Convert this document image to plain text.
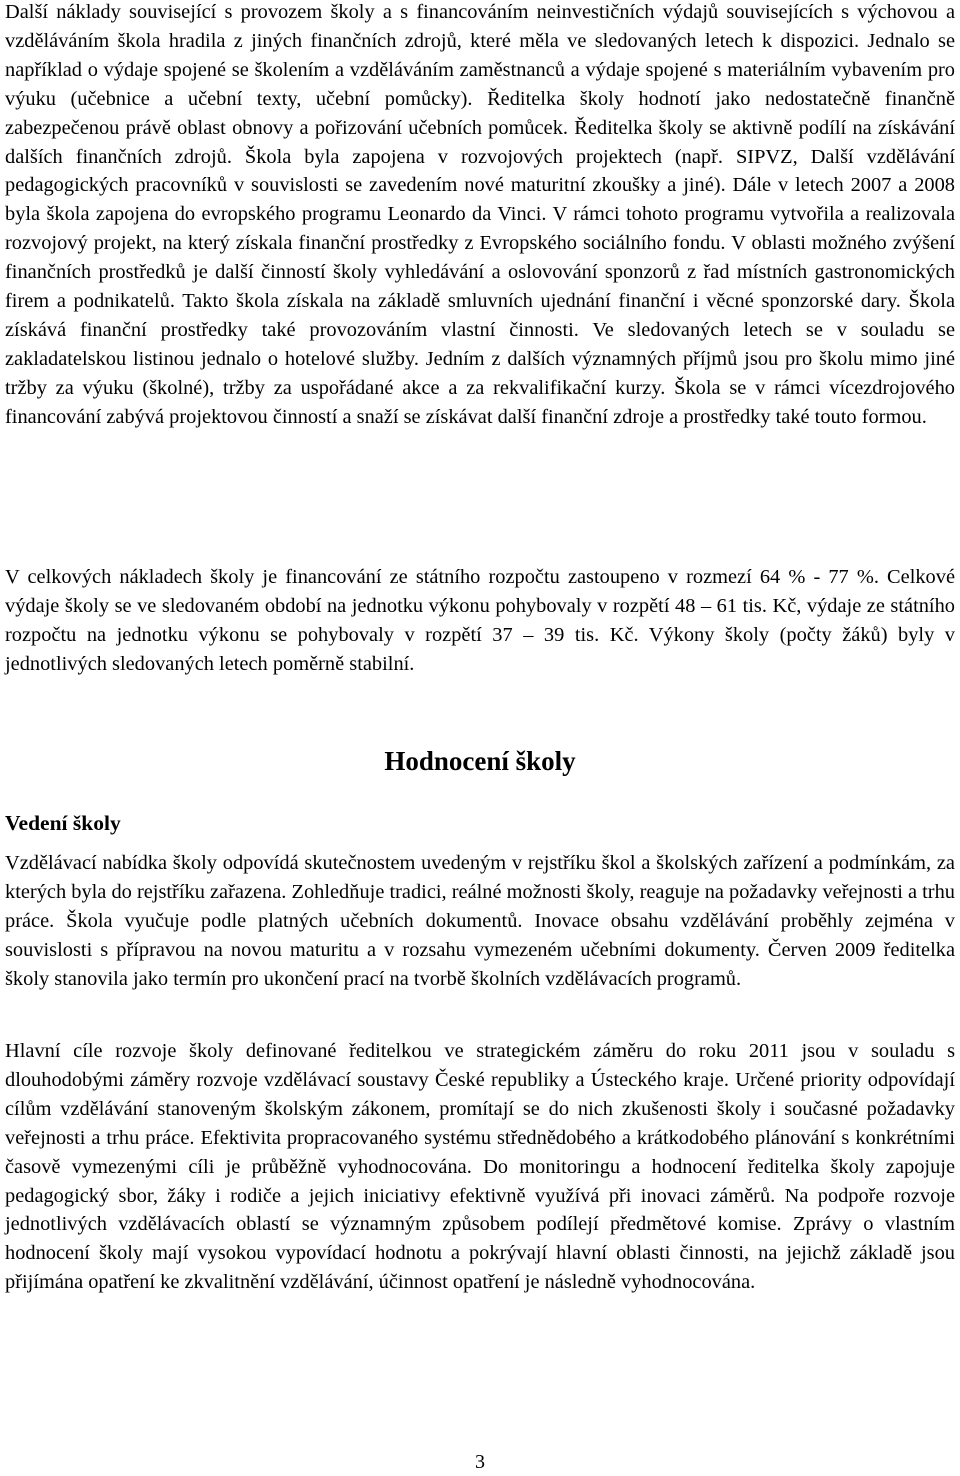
Další náklady související s provozem školy a s financováním neinvestičních výdajů souvisejících s výchovou a vzděláváním škola hradila z jiných finančních zdrojů, které měla ve sledovaných letech k dispozici. Jednalo se například o výdaje spojené se školením a vzděláváním zaměstnanců a výdaje spojené s materiálním vybavením pro výuku (učebnice a učební texty, učební pomůcky). Ředitelka školy hodnotí jako nedostatečně finančně zabezpečenou právě oblast obnovy a pořizování učebních pomůcek. Ředitelka školy se aktivně podílí na získávání dalších finančních zdrojů. Škola byla zapojena v rozvojových projektech (např. SIPVZ, Další vzdělávání pedagogických pracovníků v souvislosti se zavedením nové maturitní zkoušky a jiné). Dále v letech 2007 a 2008 byla škola zapojena do evropského programu Leonardo da Vinci. V rámci tohoto programu vytvořila a realizovala rozvojový projekt, na který získala finanční prostředky z Evropského sociálního fondu. V oblasti možného zvýšení finančních prostředků je další činností školy vyhledávání a oslovování sponzorů z řad místních gastronomických firem a podnikatelů. Takto škola získala na základě smluvních ujednání finanční i věcné sponzorské dary. Škola získává finanční prostředky také provozováním vlastní činnosti. Ve sledovaných letech se v souladu se zakladatelskou listinou jednalo o hotelové služby. Jedním z dalších významných příjmů jsou pro školu mimo jiné tržby za výuku (školné), tržby za uspořádané akce a za rekvalifikační kurzy. Škola se v rámci vícezdrojového financování zabývá projektovou činností a snaží se získávat další finanční zdroje a prostředky také touto formou.

V celkových nákladech školy je financování ze státního rozpočtu zastoupeno v rozmezí 64 % - 77 %. Celkové výdaje školy se ve sledovaném období na jednotku výkonu pohybovaly v rozpětí 48 – 61 tis. Kč, výdaje ze státního rozpočtu na jednotku výkonu se pohybovaly v rozpětí 37 – 39 tis. Kč. Výkony školy (počty žáků) byly v jednotlivých sledovaných letech poměrně stabilní.

Hodnocení školy
Vedení školy

Vzdělávací nabídka školy odpovídá skutečnostem uvedeným v rejstříku škol a školských zařízení a podmínkám, za kterých byla do rejstříku zařazena. Zohledňuje tradici, reálné možnosti školy, reaguje na požadavky veřejnosti a trhu práce. Škola vyučuje podle platných učebních dokumentů. Inovace obsahu vzdělávání proběhly zejména v souvislosti s přípravou na novou maturitu a v rozsahu vymezeném učebními dokumenty. Červen 2009 ředitelka školy stanovila jako termín pro ukončení prací na tvorbě školních vzdělávacích programů.

Hlavní cíle rozvoje školy definované ředitelkou ve strategickém záměru do roku 2011 jsou v souladu s dlouhodobými záměry rozvoje vzdělávací soustavy České republiky a Ústeckého kraje. Určené priority odpovídají cílům vzdělávání stanoveným školským zákonem, promítají se do nich zkušenosti školy i současné požadavky veřejnosti a trhu práce. Efektivita propracovaného systému střednědobého a krátkodobého plánování s konkrétními časově vymezenými cíli je průběžně vyhodnocována. Do monitoringu a hodnocení ředitelka školy zapojuje pedagogický sbor, žáky i rodiče a jejich iniciativy efektivně využívá při inovaci záměrů. Na podpoře rozvoje jednotlivých vzdělávacích oblastí se významným způsobem podílejí předmětové komise. Zprávy o vlastním hodnocení školy mají vysokou vypovídací hodnotu a pokrývají hlavní oblasti činnosti, na jejichž základě jsou přijímána opatření ke zkvalitnění vzdělávání, účinnost opatření je následně vyhodnocována.

3
